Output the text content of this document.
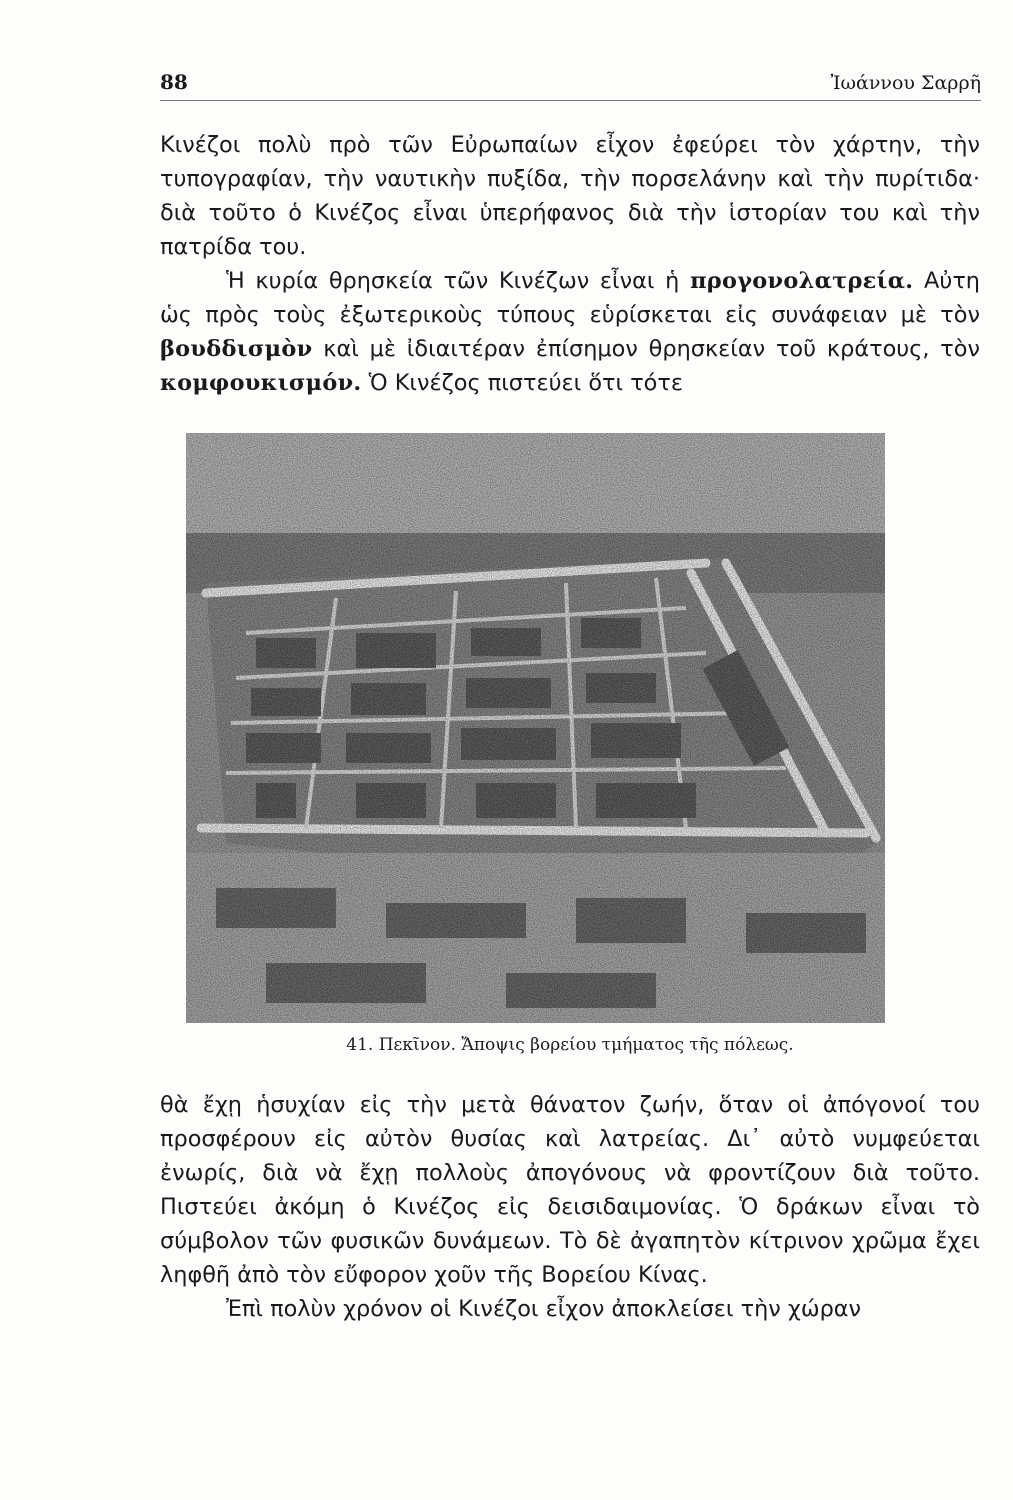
88	Ἰωάννου Σαρρῆ

Κινέζοι πολὺ πρὸ τῶν Εὐρωπαίων εἶχον ἐφεύρει τὸν χάρτην, τὴν τυπογραφίαν, τὴν ναυτικὴν πυξίδα, τὴν πορσελάνην καὶ τὴν πυρίτιδα· διὰ τοῦτο ὁ Κινέζος εἶναι ὑπερήφανος διὰ τὴν ἱστορίαν του καὶ τὴν πατρίδα του.

Ἡ κυρία θρησκεία τῶν Κινέζων εἶναι ἡ προγονολατρεία. Αὐτη ὡς πρὸς τοὺς ἐξωτερικοὺς τύπους εὑρίσκεται εἰς συνάφειαν μὲ τὸν βουδδισμὸν καὶ μὲ ἰδιαιτέραν ἐπίσημον θρησκείαν τοῦ κράτους, τὸν κομφουκισμόν. Ὁ Κινέζος πιστεύει ὅτι τότε

41. Πεκῖνον. Ἄποψις βορείου τμήματος τῆς πόλεως.

θὰ ἔχῃ ἡσυχίαν εἰς τὴν μετὰ θάνατον ζωήν, ὅταν οἱ ἀπόγονοί του προσφέρουν εἰς αὐτὸν θυσίας καὶ λατρείας. Δι᾿ αὐτὸ νυμφεύεται ἐνωρίς, διὰ νὰ ἔχῃ πολλοὺς ἀπογόνους νὰ φροντίζουν διὰ τοῦτο. Πιστεύει ἀκόμη ὁ Κινέζος εἰς δεισιδαιμονίας. Ὁ δράκων εἶναι τὸ σύμβολον τῶν φυσικῶν δυνάμεων. Τὸ δὲ ἀγαπητὸν κίτρινον χρῶμα ἔχει ληφθῆ ἀπὸ τὸν εὔφορον χοῦν τῆς Βορείου Κίνας.

Ἐπὶ πολὺν χρόνον οἱ Κινέζοι εἶχον ἀποκλείσει τὴν χώραν
